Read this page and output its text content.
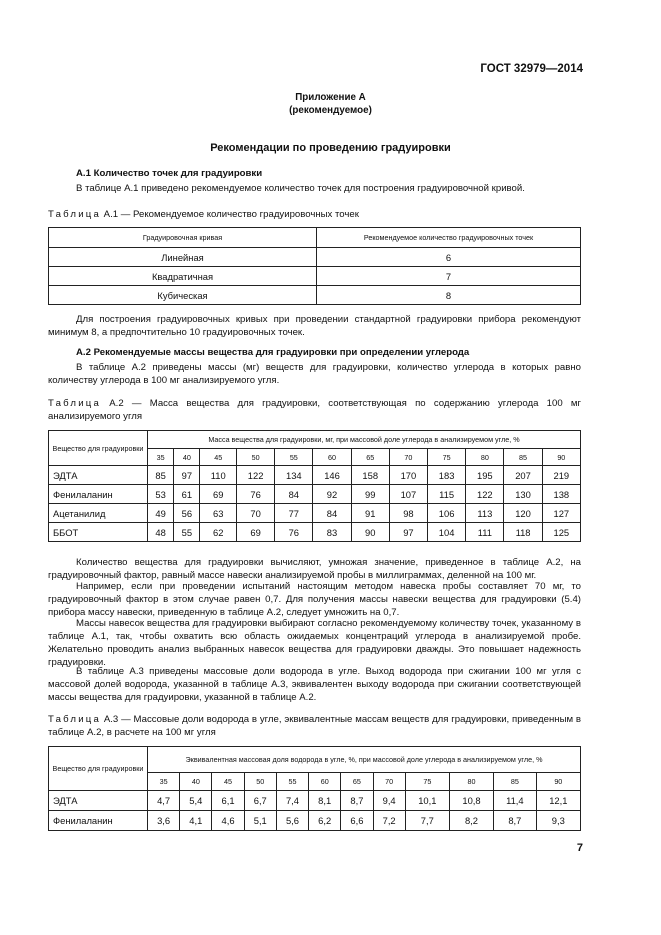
ГОСТ 32979—2014
Приложение А
(рекомендуемое)
Рекомендации по проведению градуировки
А.1 Количество точек для градуировки
В таблице А.1 приведено рекомендуемое количество точек для построения градуировочной кривой.
Таблица А.1 — Рекомендуемое количество градуировочных точек
Градуировочная кривая	Рекомендуемое количество градуировочных точек
Линейная	6
Квадратичная	7
Кубическая	8
Для построения градуировочных кривых при проведении стандартной градуировки прибора рекомендуют минимум 8, а предпочтительно 10 градуировочных точек.
А.2 Рекомендуемые массы вещества для градуировки при определении углерода
В таблице А.2 приведены массы (мг) веществ для градуировки, количество углерода в которых равно количеству углерода в 100 мг анализируемого угля.
Таблица А.2 — Масса вещества для градуировки, соответствующая по содержанию углерода 100 мг анализируемого угля
Вещество для градуировки	Масса вещества для градуировки, мг, при массовой доле углерода в анализируемом угле, %											
	35	40	45	50	55	60	65	70	75	80	85	90
ЭДТА	85	97	110	122	134	146	158	170	183	195	207	219
Фенилаланин	53	61	69	76	84	92	99	107	115	122	130	138
Ацетанилид	49	56	63	70	77	84	91	98	106	113	120	127
ББОТ	48	55	62	69	76	83	90	97	104	111	118	125
Количество вещества для градуировки вычисляют, умножая значение, приведенное в таблице А.2, на градуировочный фактор, равный массе навески анализируемой пробы в миллиграммах, деленной на 100 мг.
Например, если при проведении испытаний настоящим методом навеска пробы составляет 70 мг, то градуировочный фактор в этом случае равен 0,7. Для получения массы навески вещества для градуировки (5.4) прибора массу навески, приведенную в таблице А.2, следует умножить на 0,7.
Массы навесок вещества для градуировки выбирают согласно рекомендуемому количеству точек, указанному в таблице А.1, так, чтобы охватить всю область ожидаемых концентраций углерода в анализируемой пробе. Желательно проводить анализ выбранных навесок вещества для градуировки дважды. Это повышает надежность градуировки.
В таблице А.3 приведены массовые доли водорода в угле. Выход водорода при сжигании 100 мг угля с массовой долей водорода, указанной в таблице А.3, эквивалентен выходу водорода при сжигании соответствующей массы вещества для градуировки, указанной в таблице А.2.
Таблица А.3 — Массовые доли водорода в угле, эквивалентные массам веществ для градуировки, приведенным в таблице А.2, в расчете на 100 мг угля
Вещество для градуировки	Эквивалентная массовая доля водорода в угле, %, при массовой доле углерода в анализируемом угле, %											
	35	40	45	50	55	60	65	70	75	80	85	90
ЭДТА	4,7	5,4	6,1	6,7	7,4	8,1	8,7	9,4	10,1	10,8	11,4	12,1
Фенилаланин	3,6	4,1	4,6	5,1	5,6	6,2	6,6	7,2	7,7	8,2	8,7	9,3
7
